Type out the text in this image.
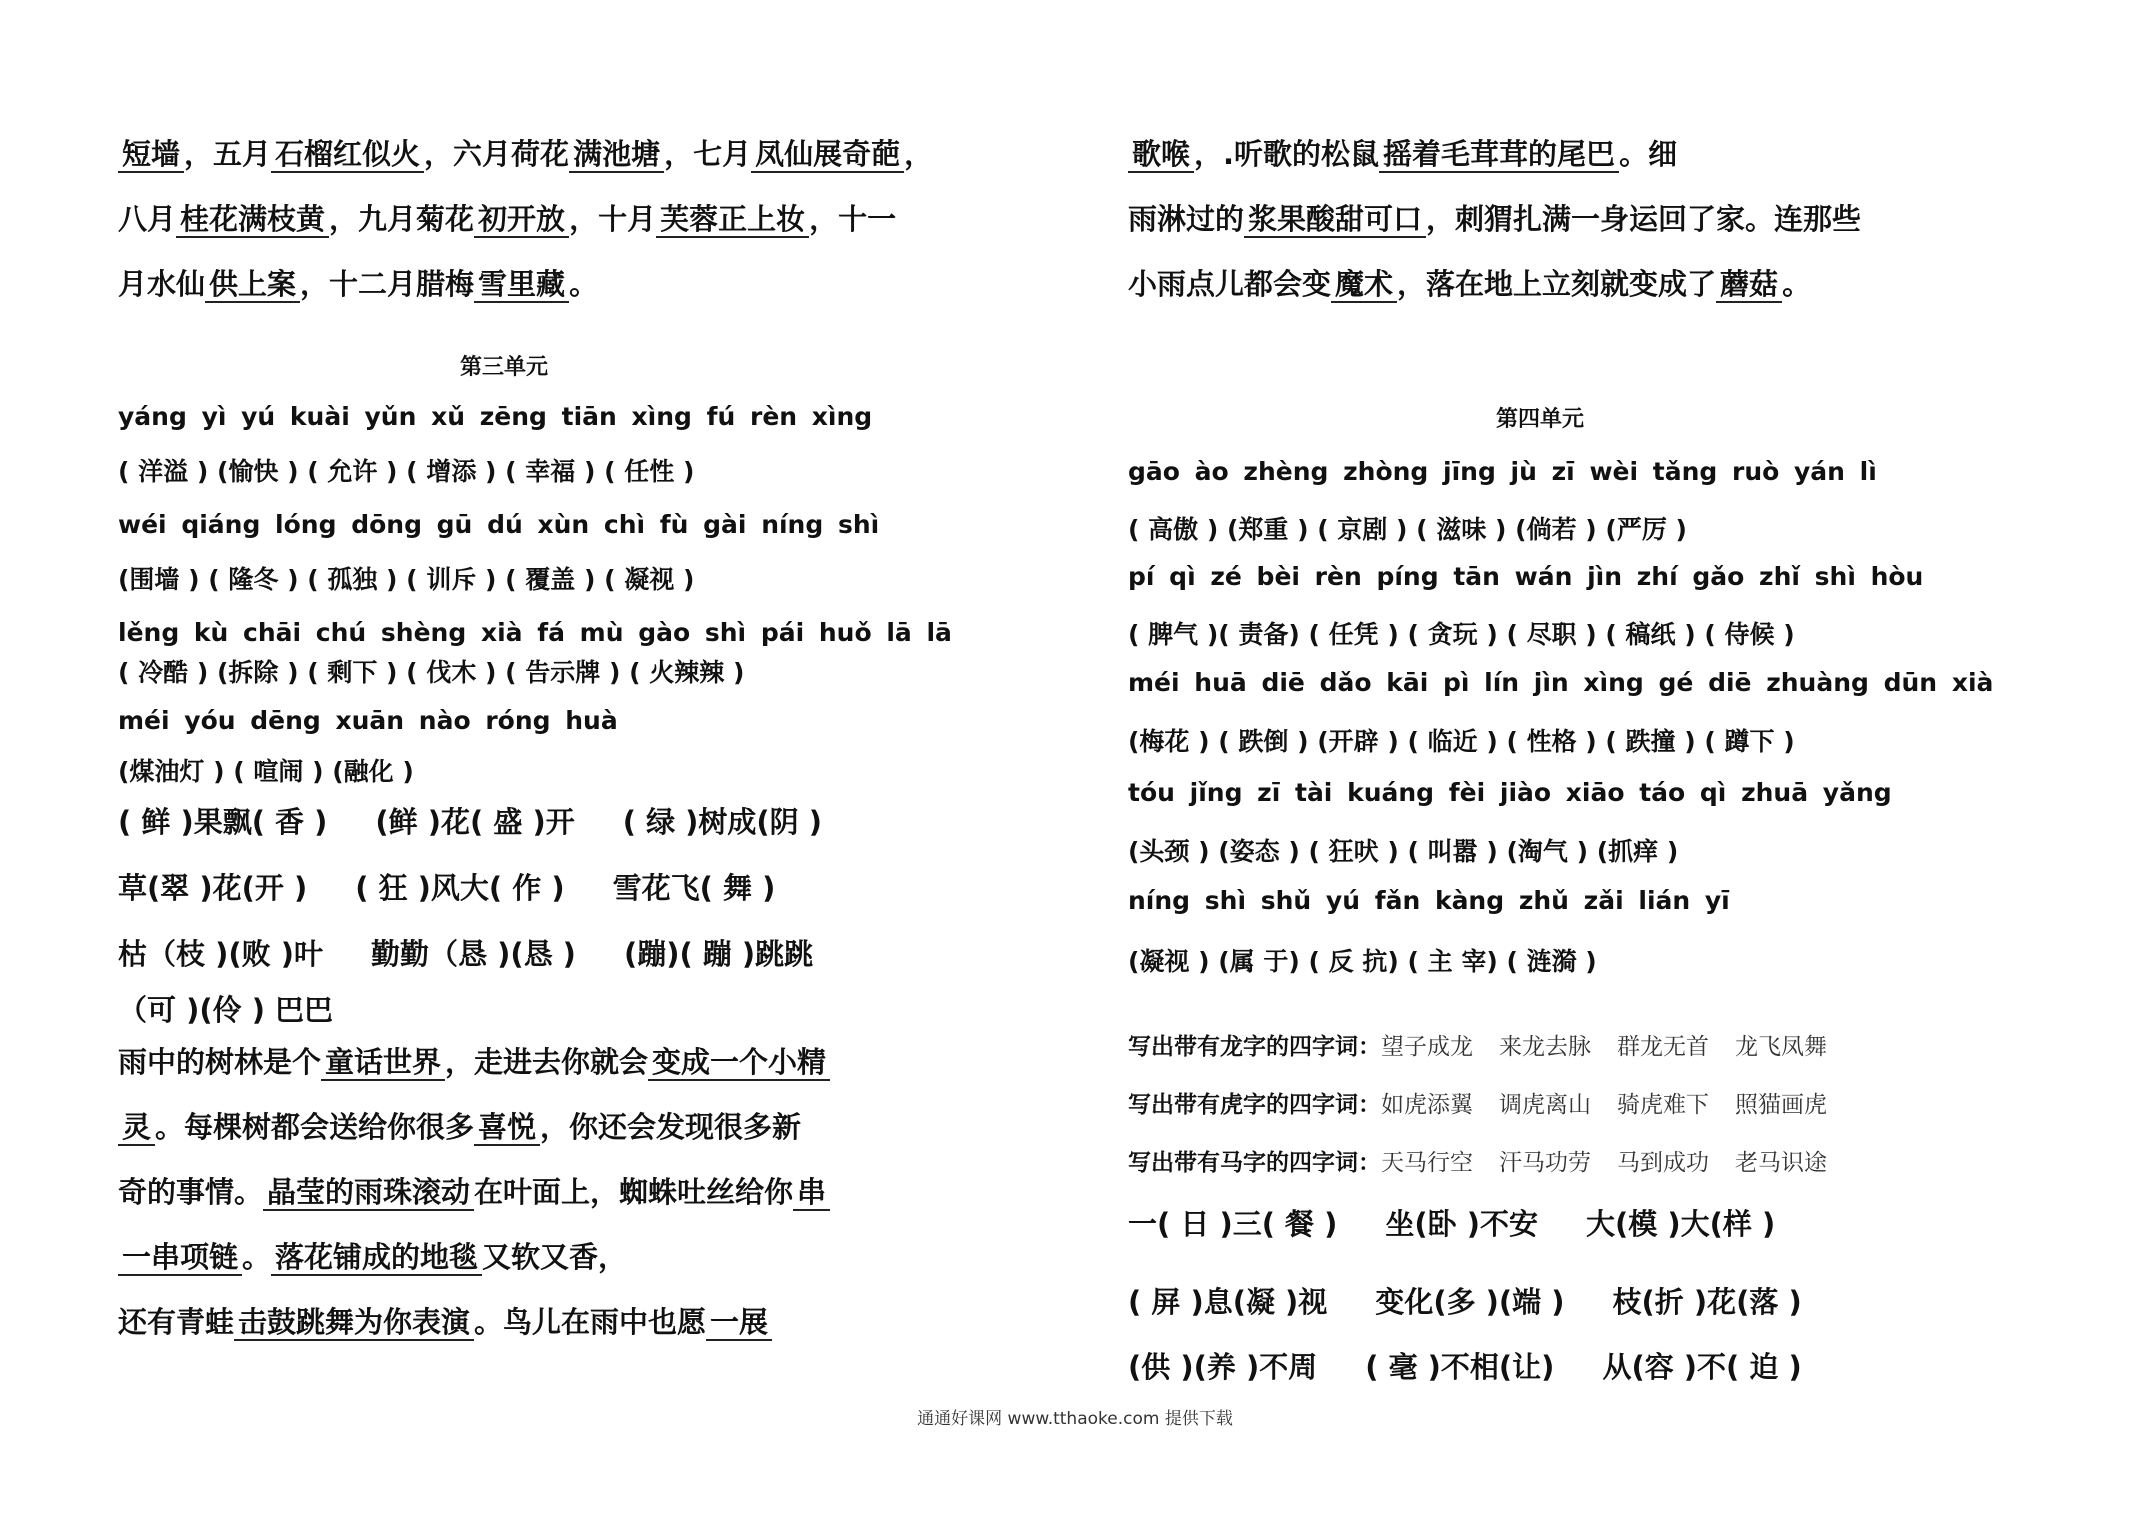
短墙 ，五月 石榴红似火 ，六月荷花 满池塘 ，七月 凤仙展奇葩 ，
八月 桂花满枝黄 ，九月菊花 初开放 ，十月 芙蓉正上妆 ，十一
月水仙 供上案 ，十二月腊梅 雪里藏 。
第三单元
yáng yì yú kuài yǔn xǔ zēng tiān xìng fú rèn xìng
( 洋溢 ) (愉快 ) ( 允许 ) ( 增添 ) ( 幸福 ) ( 任性 )
wéi qiáng lóng dōng gū dú xùn chì fù gài níng shì
(围墙 ) ( 隆冬 ) ( 孤独 ) ( 训斥 ) ( 覆盖 ) ( 凝视 )
lěng kù chāi chú shèng xià fá mù gào shì pái huǒ lā lā
( 冷酷 ) (拆除 ) ( 剩下 ) ( 伐木 ) ( 告示牌 ) ( 火辣辣 )
méi yóu dēng xuān nào róng huà
(煤油灯 ) ( 喧闹 ) (融化 )
( 鲜 )果飘( 香 ) (鲜 )花( 盛 )开 ( 绿 )树成(阴 )
草(翠 )花(开 ) ( 狂 )风大( 作 ) 雪花飞( 舞 )
枯（枝 )(败 )叶 勤勤（恳 )(恳 ) (蹦)( 蹦 )跳跳
（可 )(伶 ) 巴巴
雨中的树林是个 童话世界 ，走进去你就会 变成一个小精
灵 。每棵树都会送给你很多 喜悦 ，你还会发现很多新
奇的事情。 晶莹的雨珠滚动 在叶面上，蜘蛛吐丝给你 串
一串项链 。 落花铺成的地毯 又软又香，
还有青蛙 击鼓跳舞为你表演 。鸟儿在雨中也愿 一展
歌喉 ，.听歌的松鼠 摇着毛茸茸的尾巴 。细
雨淋过的 浆果酸甜可口 ，刺猬扎满一身运回了家。连那些
小雨点儿都会变 魔术 ，落在地上立刻就变成了 蘑菇 。
第四单元
gāo ào zhèng zhòng jīng jù zī wèi tǎng ruò yán lì
( 高傲 ) (郑重 ) ( 京剧 ) ( 滋味 ) (倘若 ) (严厉 )
pí qì zé bèi rèn píng tān wán jìn zhí gǎo zhǐ shì hòu
( 脾气 )( 责备) ( 任凭 ) ( 贪玩 ) ( 尽职 ) ( 稿纸 ) ( 侍候 )
méi huā diē dǎo kāi pì lín jìn xìng gé diē zhuàng dūn xià
(梅花 ) ( 跌倒 ) (开辟 ) ( 临近 ) ( 性格 ) ( 跌撞 ) ( 蹲下 )
tóu jǐng zī tài kuáng fèi jiào xiāo táo qì zhuā yǎng
(头颈 ) (姿态 ) ( 狂吠 ) ( 叫嚣 ) (淘气 ) (抓痒 )
níng shì shǔ yú fǎn kàng zhǔ zǎi lián yī
(凝视 ) (属 于) ( 反 抗) ( 主 宰) ( 涟漪 )
写出带有龙字的四字词：望子成龙 来龙去脉 群龙无首 龙飞凤舞
写出带有虎字的四字词：如虎添翼 调虎离山 骑虎难下 照猫画虎
写出带有马字的四字词：天马行空 汗马功劳 马到成功 老马识途
一( 日 )三( 餐 ) 坐(卧 )不安 大(模 )大(样 )
( 屏 )息(凝 )视 变化(多 )(端 ) 枝(折 )花(落 )
(供 )(养 )不周 ( 毫 )不相(让) 从(容 )不( 迫 )
通通好课网 www.tthaoke.com 提供下载
